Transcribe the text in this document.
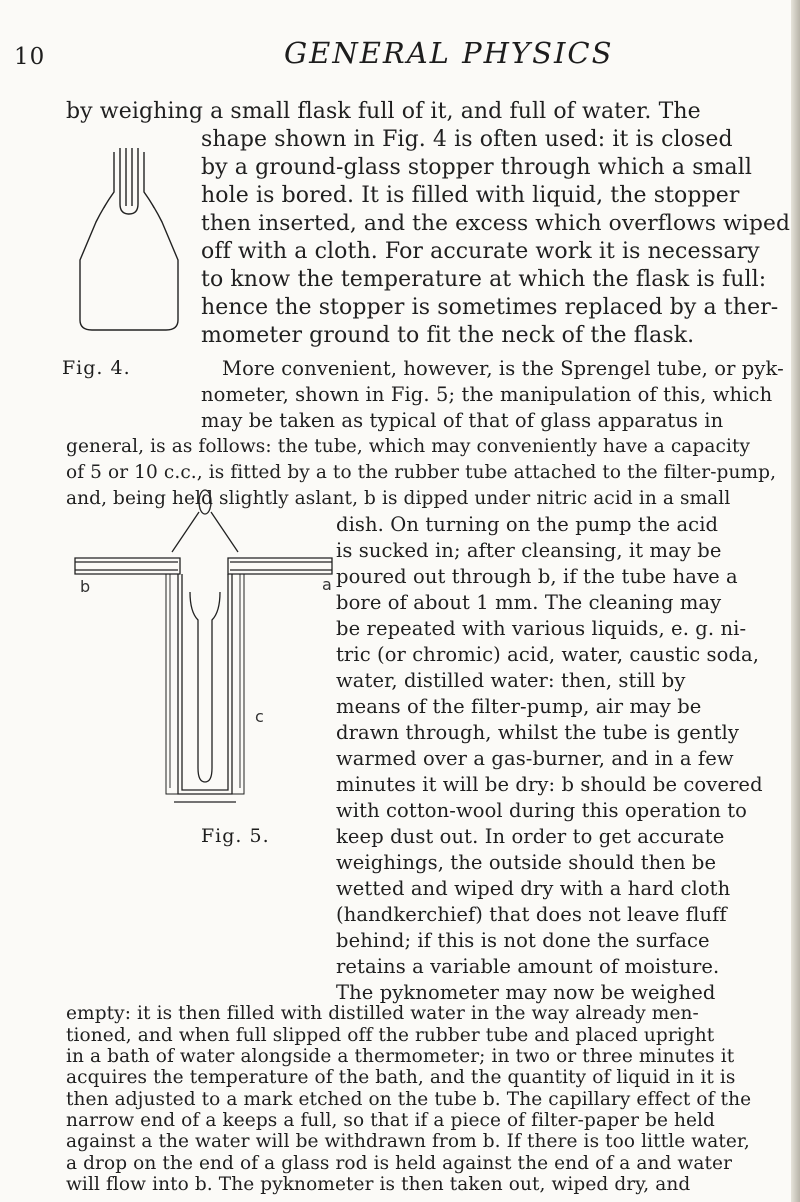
10	GENERAL PHYSICS
Fig. 4.
b	a
c
Fig. 5.
by weighing a small flask full of it, and full of water. The
shape shown in Fig. 4 is often used: it is closed
by a ground-glass stopper through which a small
hole is bored. It is filled with liquid, the stopper
then inserted, and the excess which overflows wiped
off with a cloth. For accurate work it is necessary
to know the temperature at which the flask is full:
hence the stopper is sometimes replaced by a ther-
mometer ground to fit the neck of the flask.
More convenient, however, is the Sprengel tube, or pyk-
nometer, shown in Fig. 5; the manipulation of this, which
may be taken as typical of that of glass apparatus in
general, is as follows: the tube, which may conveniently have a capacity
of 5 or 10 c.c., is fitted by a to the rubber tube attached to the filter-pump,
and, being held slightly aslant, b is dipped under nitric acid in a small
dish. On turning on the pump the acid
is sucked in; after cleansing, it may be
poured out through b, if the tube have a
bore of about 1 mm. The cleaning may
be repeated with various liquids, e. g. ni-
tric (or chromic) acid, water, caustic soda,
water, distilled water: then, still by
means of the filter-pump, air may be
drawn through, whilst the tube is gently
warmed over a gas-burner, and in a few
minutes it will be dry: b should be covered
with cotton-wool during this operation to
keep dust out. In order to get accurate
weighings, the outside should then be
wetted and wiped dry with a hard cloth
(handkerchief) that does not leave fluff
behind; if this is not done the surface
retains a variable amount of moisture.
The pyknometer may now be weighed
empty: it is then filled with distilled water in the way already men-
tioned, and when full slipped off the rubber tube and placed upright
in a bath of water alongside a thermometer; in two or three minutes it
acquires the temperature of the bath, and the quantity of liquid in it is
then adjusted to a mark etched on the tube b. The capillary effect of the
narrow end of a keeps a full, so that if a piece of filter-paper be held
against a the water will be withdrawn from b. If there is too little water,
a drop on the end of a glass rod is held against the end of a and water
will flow into b. The pyknometer is then taken out, wiped dry, and
